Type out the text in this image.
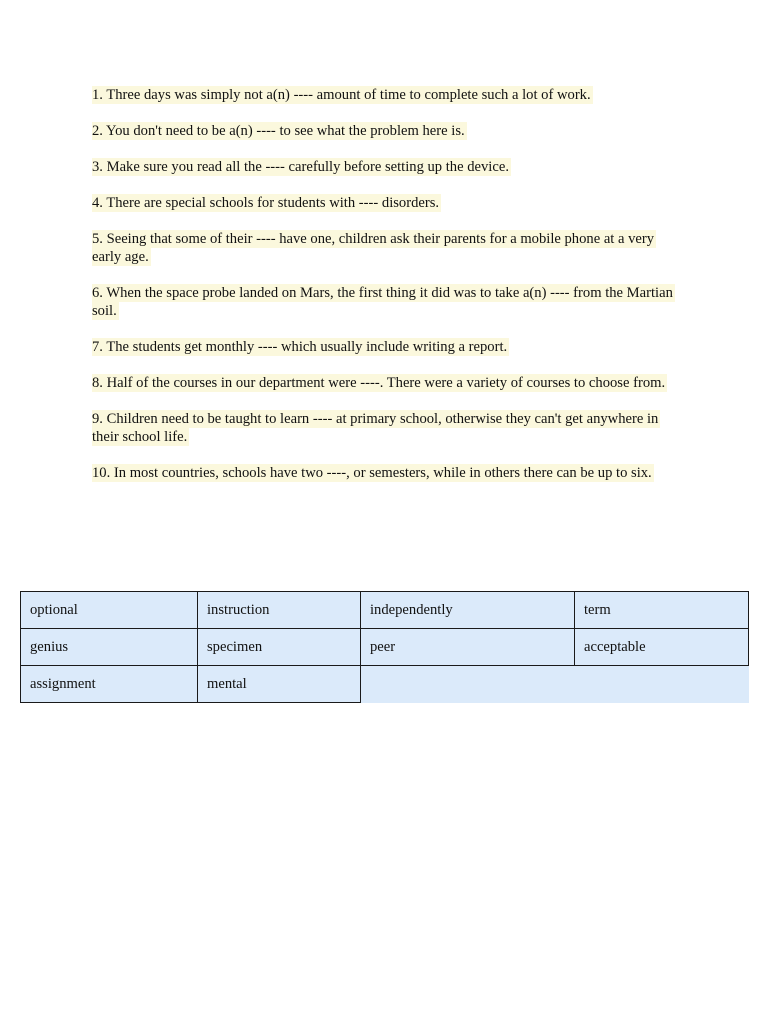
1. Three days was simply not a(n) ---- amount of time to complete such a lot of work.

2. You don't need to be a(n) ---- to see what the problem here is.

3. Make sure you read all the ---- carefully before setting up the device.

4. There are special schools for students with ---- disorders.

5. Seeing that some of their ---- have one, children ask their parents for a mobile phone at a very early age.

6. When the space probe landed on Mars, the first thing it did was to take a(n) ---- from the Martian soil.

7. The students get monthly ---- which usually include writing a report.

8. Half of the courses in our department were ----. There were a variety of courses to choose from.

9. Children need to be taught to learn ---- at primary school, otherwise they can't get anywhere in their school life.

10. In most countries, schools have two ----, or semesters, while in others there can be up to six.

optional	instruction	independently	term
genius	specimen	peer	acceptable
assignment	mental		
